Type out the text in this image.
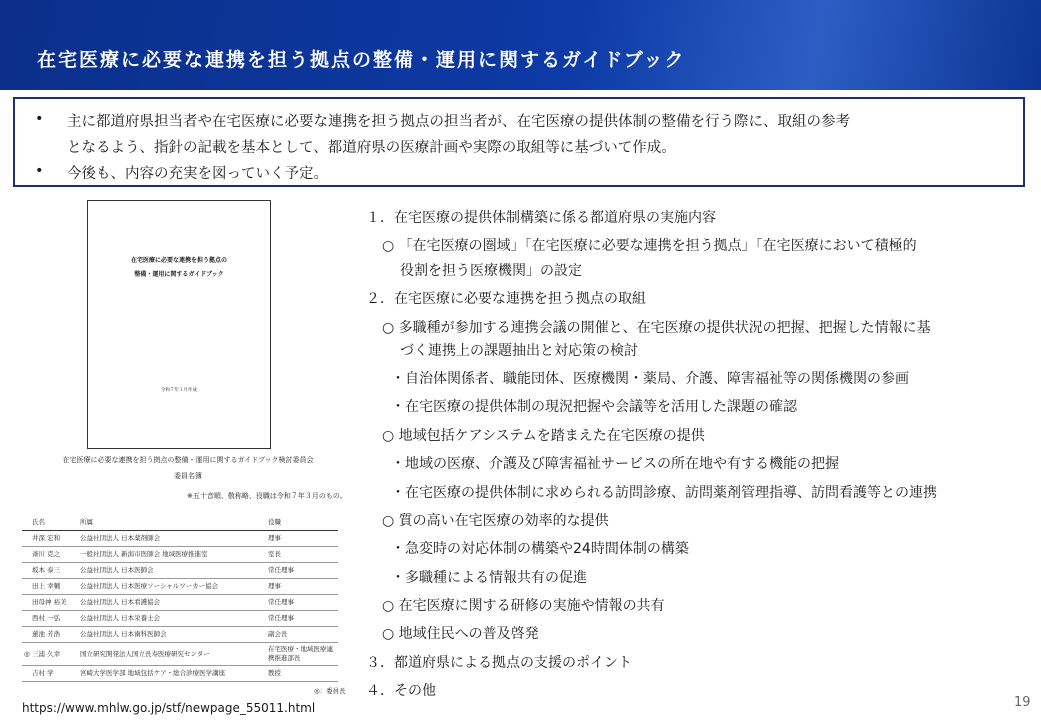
在宅医療に必要な連携を担う拠点の整備・運用に関するガイドブック
• 主に都道府県担当者や在宅医療に必要な連携を担う拠点の担当者が、在宅医療の提供体制の整備を行う際に、取組の参考
となるよう、指針の記載を基本として、都道府県の医療計画や実際の取組等に基づいて作成。
• 今後も、内容の充実を図っていく予定。
在宅医療に必要な連携を担う拠点の
整備・運用に関するガイドブック
令和７年１月作成
在宅医療に必要な連携を担う拠点の整備・運用に関するガイドブック検討委員会
委員名簿
※五十音順、敬称略、役職は令和７年３月のもの。
	氏名	所属	役職
	井深 宏和	公益社団法人 日本薬剤師会	理事
	斎川 克之	一般社団法人 新潟市医師会 地域医療推進室	室長
	坂本 泰三	公益社団法人 日本医師会	常任理事
	田上 幸輔	公益社団法人 日本医療ソーシャルワーカー協会	理事
	田母神 裕美	公益社団法人 日本看護協会	常任理事
	西村 一弘	公益社団法人 日本栄養士会	常任理事
	蓮池 芳浩	公益社団法人 日本歯科医師会	副会長
◎	三浦 久幸	国立研究開発法人国立長寿医療研究センター	在宅医療・地域医療連携推進部長
	吉村 学	宮崎大学医学部 地域包括ケア・総合診療医学講座	教授
◎：委員長
１．在宅医療の提供体制構築に係る都道府県の実施内容
○ 「在宅医療の圏域」「在宅医療に必要な連携を担う拠点」「在宅医療において積極的
役割を担う医療機関」の設定
２．在宅医療に必要な連携を担う拠点の取組
○ 多職種が参加する連携会議の開催と、在宅医療の提供状況の把握、把握した情報に基
づく連携上の課題抽出と対応策の検討
・自治体関係者、職能団体、医療機関・薬局、介護、障害福祉等の関係機関の参画
・在宅医療の提供体制の現況把握や会議等を活用した課題の確認
○ 地域包括ケアシステムを踏まえた在宅医療の提供
・地域の医療、介護及び障害福祉サービスの所在地や有する機能の把握
・在宅医療の提供体制に求められる訪問診療、訪問薬剤管理指導、訪問看護等との連携
○ 質の高い在宅医療の効率的な提供
・急変時の対応体制の構築や24時間体制の構築
・多職種による情報共有の促進
○ 在宅医療に関する研修の実施や情報の共有
○ 地域住民への普及啓発
３．都道府県による拠点の支援のポイント
４．その他
https://www.mhlw.go.jp/stf/newpage_55011.html	19
